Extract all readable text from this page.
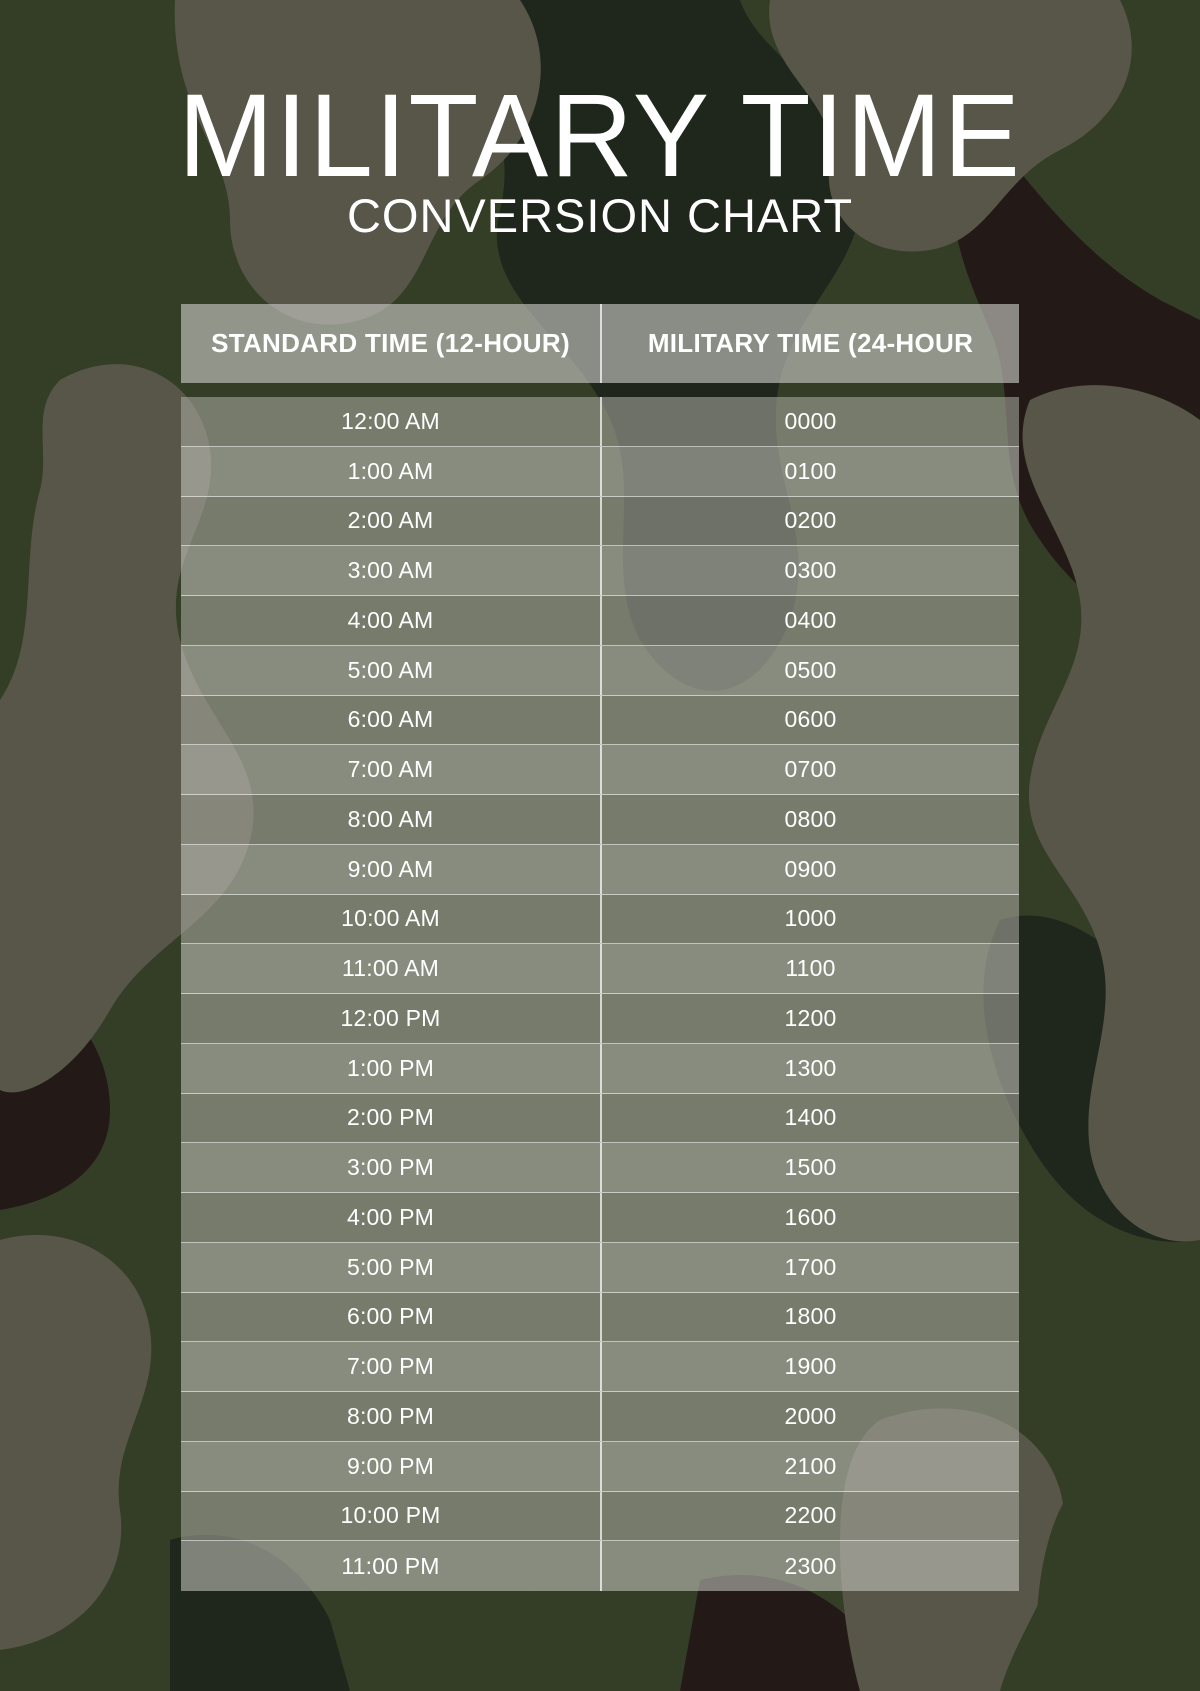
MILITARY TIME
CONVERSION CHART
STANDARD TIME (12-HOUR)	MILITARY TIME (24-HOUR
12:00 AM	0000
1:00 AM	0100
2:00 AM	0200
3:00 AM	0300
4:00 AM	0400
5:00 AM	0500
6:00 AM	0600
7:00 AM	0700
8:00 AM	0800
9:00 AM	0900
10:00 AM	1000
11:00 AM	1100
12:00 PM	1200
1:00 PM	1300
2:00 PM	1400
3:00 PM	1500
4:00 PM	1600
5:00 PM	1700
6:00 PM	1800
7:00 PM	1900
8:00 PM	2000
9:00 PM	2100
10:00 PM	2200
11:00 PM	2300
